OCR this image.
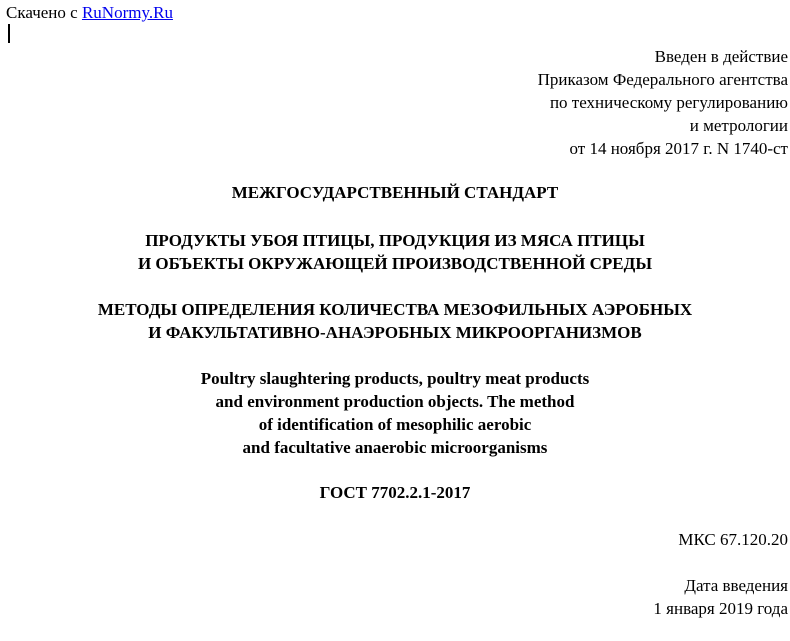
Скачено с RuNormy.Ru
Введен в действие
Приказом Федерального агентства
по техническому регулированию
и метрологии
от 14 ноября 2017 г. N 1740-ст
МЕЖГОСУДАРСТВЕННЫЙ СТАНДАРТ
ПРОДУКТЫ УБОЯ ПТИЦЫ, ПРОДУКЦИЯ ИЗ МЯСА ПТИЦЫ
И ОБЪЕКТЫ ОКРУЖАЮЩЕЙ ПРОИЗВОДСТВЕННОЙ СРЕДЫ
МЕТОДЫ ОПРЕДЕЛЕНИЯ КОЛИЧЕСТВА МЕЗОФИЛЬНЫХ АЭРОБНЫХ
И ФАКУЛЬТАТИВНО-АНАЭРОБНЫХ МИКРООРГАНИЗМОВ
Poultry slaughtering products, poultry meat products
and environment production objects. The method
of identification of mesophilic aerobic
and facultative anaerobic microorganisms
ГОСТ 7702.2.1-2017
МКС 67.120.20
Дата введения
1 января 2019 года
